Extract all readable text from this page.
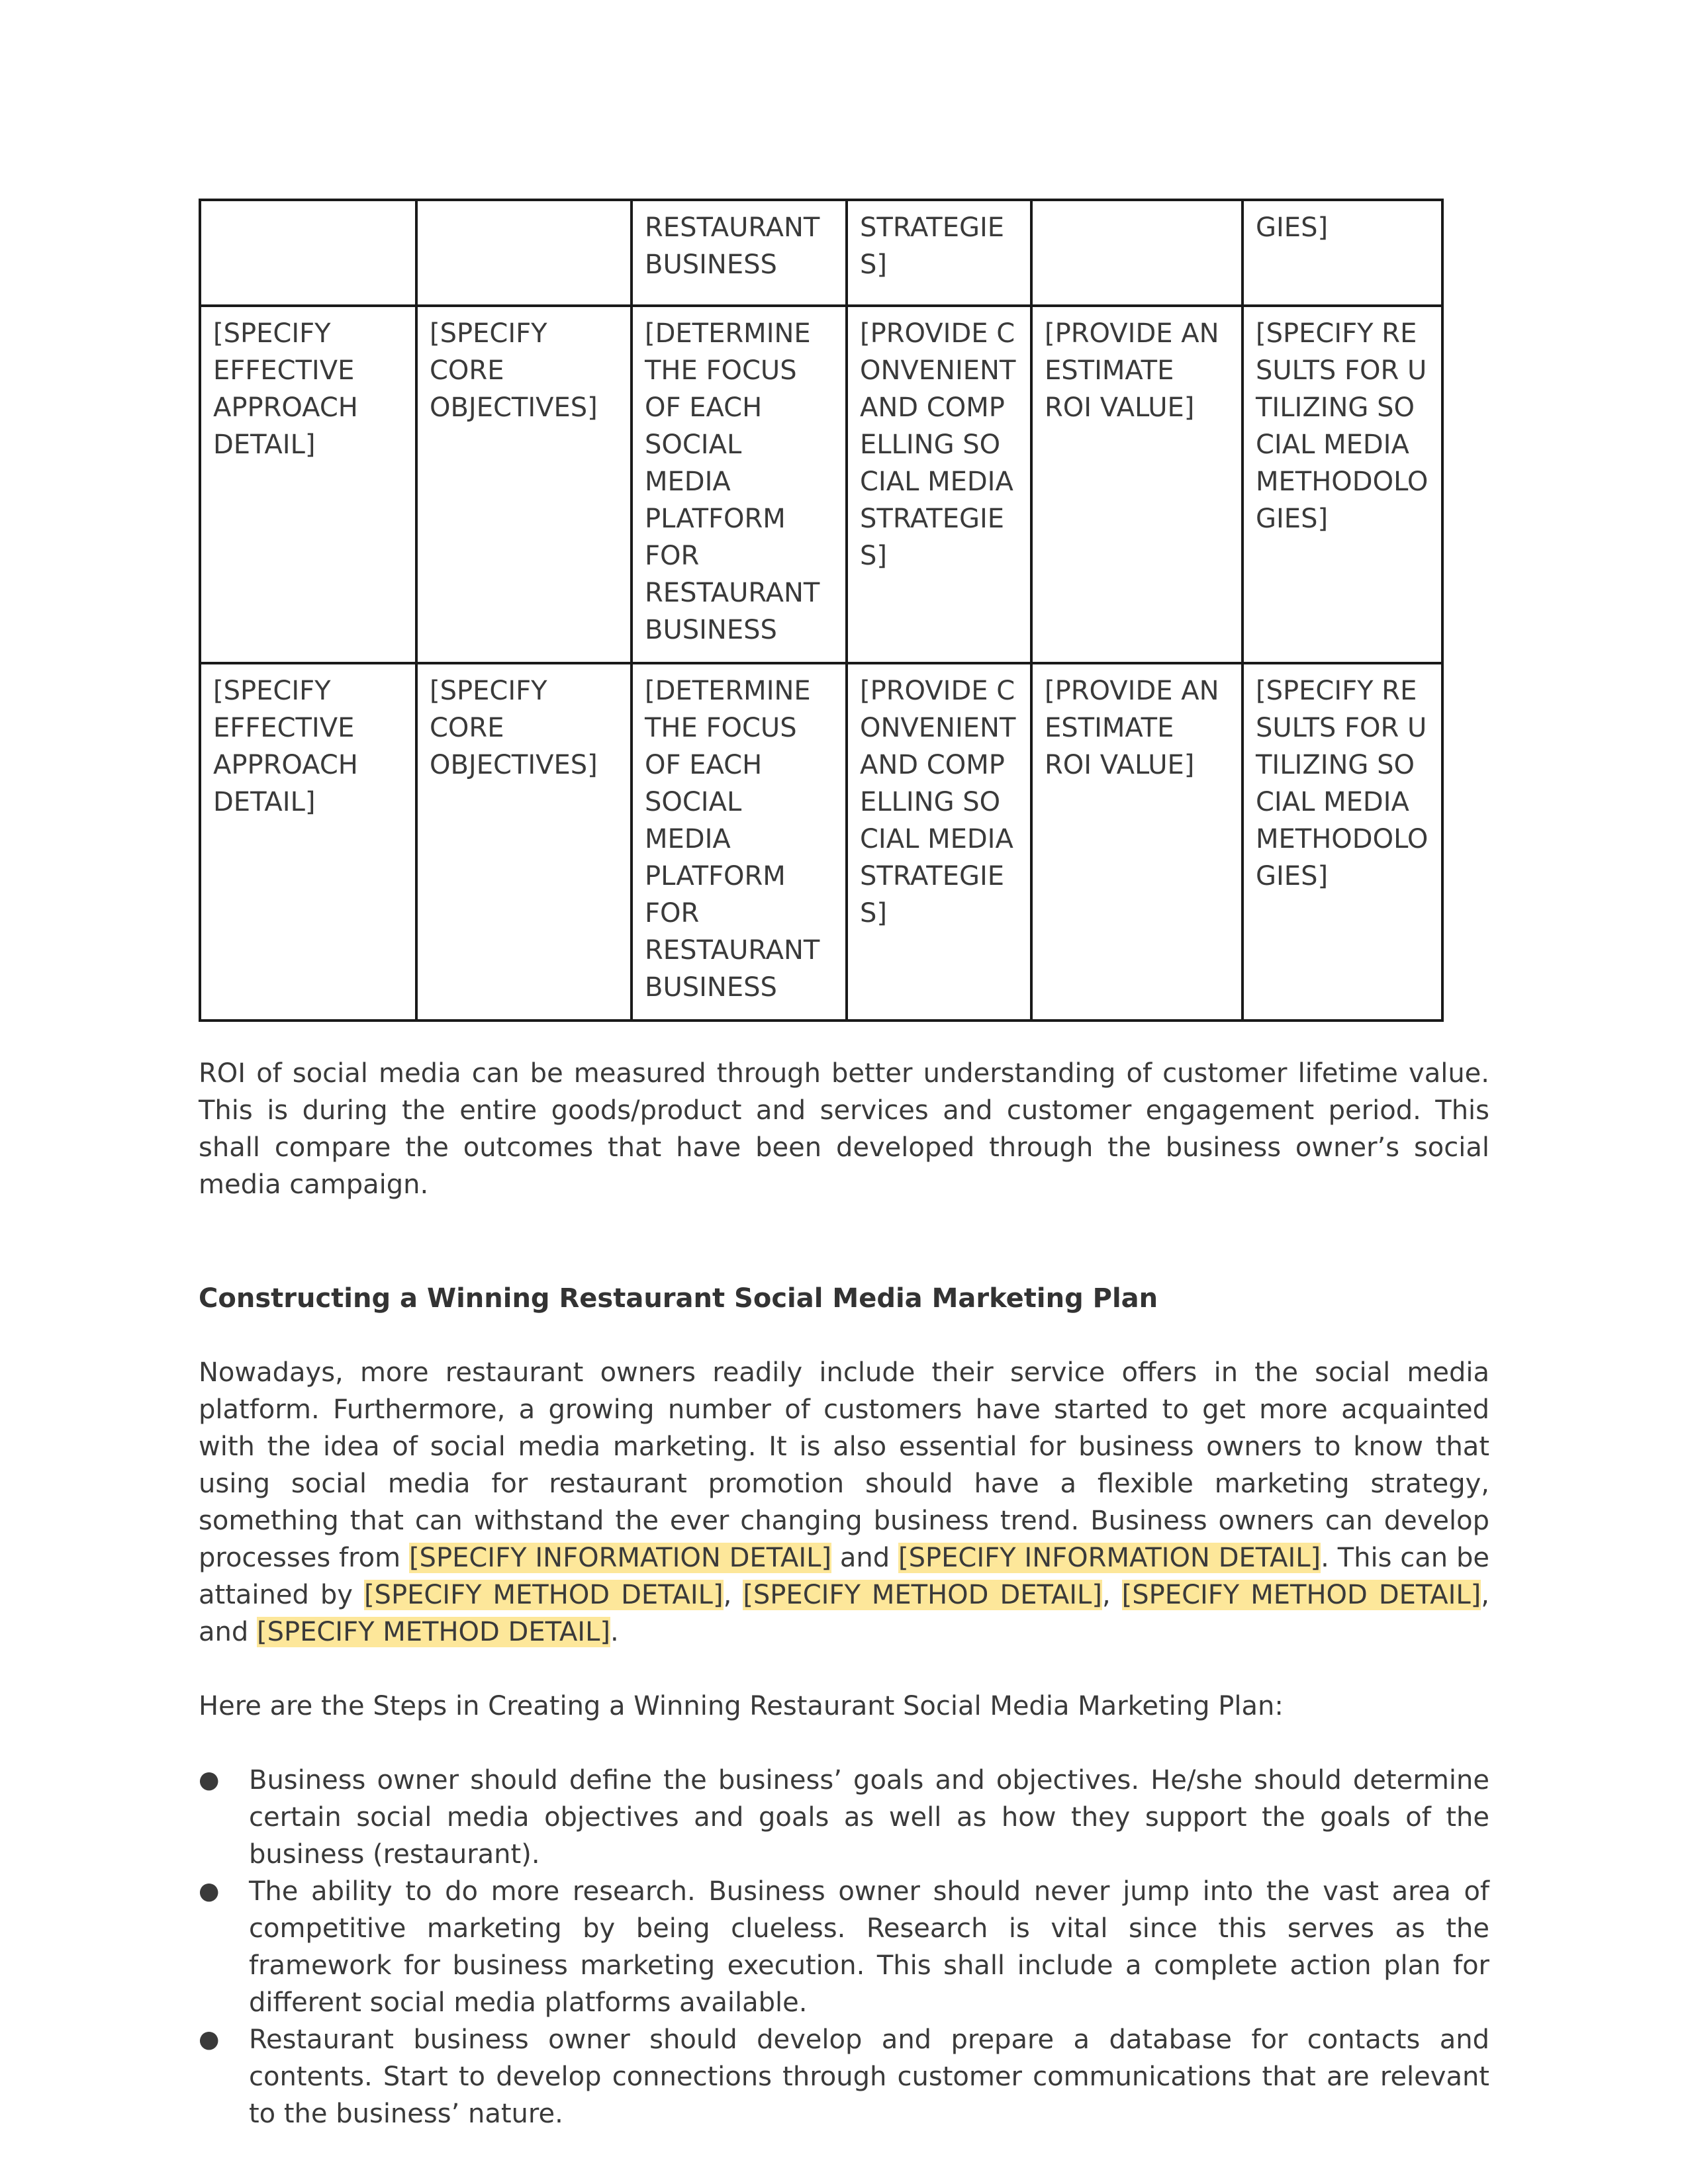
		RESTAURANT BUSINESS	STRATEGIES]		GIES]
[SPECIFY EFFECTIVE APPROACH DETAIL]	[SPECIFY CORE OBJECTIVES]	[DETERMINE THE FOCUS OF EACH SOCIAL MEDIA PLATFORM FOR RESTAURANT BUSINESS	[PROVIDE CONVENIENT AND COMPELLING SOCIAL MEDIA STRATEGIES]	[PROVIDE AN ESTIMATE ROI VALUE]	[SPECIFY RESULTS FOR UTILIZING SOCIAL MEDIA METHODOLOGIES]
[SPECIFY EFFECTIVE APPROACH DETAIL]	[SPECIFY CORE OBJECTIVES]	[DETERMINE THE FOCUS OF EACH SOCIAL MEDIA PLATFORM FOR RESTAURANT BUSINESS	[PROVIDE CONVENIENT AND COMPELLING SOCIAL MEDIA STRATEGIES]	[PROVIDE AN ESTIMATE ROI VALUE]	[SPECIFY RESULTS FOR UTILIZING SOCIAL MEDIA METHODOLOGIES]

ROI of social media can be measured through better understanding of customer lifetime value. This is during the entire goods/product and services and customer engagement period. This shall compare the outcomes that have been developed through the business owner’s social media campaign.

Constructing a Winning Restaurant Social Media Marketing Plan

Nowadays, more restaurant owners readily include their service offers in the social media platform. Furthermore, a growing number of customers have started to get more acquainted with the idea of social media marketing. It is also essential for business owners to know that using social media for restaurant promotion should have a flexible marketing strategy, something that can withstand the ever changing business trend. Business owners can develop processes from [SPECIFY INFORMATION DETAIL] and [SPECIFY INFORMATION DETAIL]. This can be attained by [SPECIFY METHOD DETAIL], [SPECIFY METHOD DETAIL], [SPECIFY METHOD DETAIL], and [SPECIFY METHOD DETAIL].

Here are the Steps in Creating a Winning Restaurant Social Media Marketing Plan:

● Business owner should define the business’ goals and objectives. He/she should determine certain social media objectives and goals as well as how they support the goals of the business (restaurant).
● The ability to do more research. Business owner should never jump into the vast area of competitive marketing by being clueless. Research is vital since this serves as the framework for business marketing execution. This shall include a complete action plan for different social media platforms available.
● Restaurant business owner should develop and prepare a database for contacts and contents. Start to develop connections through customer communications that are relevant to the business’ nature.
